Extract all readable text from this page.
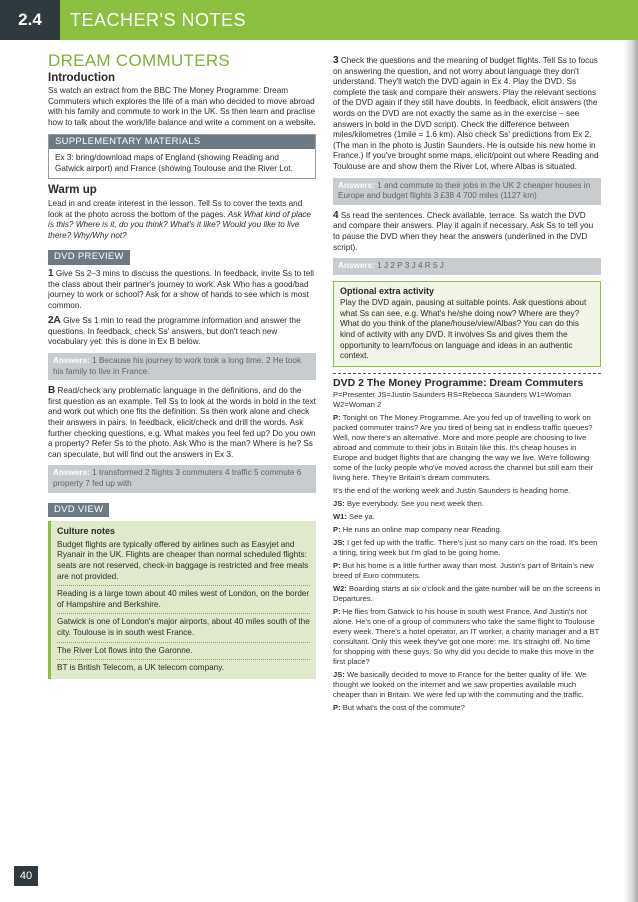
2.4	TEACHER'S NOTES
DREAM COMMUTERS
Introduction

Ss watch an extract from the BBC The Money Programme: Dream Commuters which explores the life of a man who decided to move abroad with his family and commute to work in the UK. Ss then learn and practise how to talk about the work/life balance and write a comment on a website.

SUPPLEMENTARY MATERIALS
Ex 3: bring/download maps of England (showing Reading and Gatwick airport) and France (showing Toulouse and the River Lot.
Warm up

Lead in and create interest in the lesson. Tell Ss to cover the texts and look at the photo across the bottom of the pages. Ask What kind of place is this? Where is it, do you think? What's it like? Would you like to live there? Why/Why not?

DVD PREVIEW

1 Give Ss 2–3 mins to discuss the questions. In feedback, invite Ss to tell the class about their partner's journey to work. Ask Who has a good/bad journey to work or school? Ask for a show of hands to see which is most common.

2A Give Ss 1 min to read the programme information and answer the questions. In feedback, check Ss' answers, but don't teach new vocabulary yet: this is done in Ex B below.

Answers: 1 Because his journey to work took a long time. 2 He took his family to live in France.

B Read/check any problematic language in the definitions, and do the first question as an example. Tell Ss to look at the words in bold in the text and work out which one fits the definition. Ss then work alone and check their answers in pairs. In feedback, elicit/check and drill the words. Ask further checking questions, e.g. What makes you feel fed up? Do you own a property? Refer Ss to the photo. Ask Who is the man? Where is he? Ss can speculate, but will find out the answers in Ex 3.

Answers: 1 transformed 2 flights 3 commuters 4 traffic 5 commute 6 property 7 fed up with
DVD VIEW
Culture notes
Budget flights are typically offered by airlines such as Easyjet and Ryanair in the UK. Flights are cheaper than normal scheduled flights: seats are not reserved, check-in baggage is restricted and free meals are not provided.
Reading is a large town about 40 miles west of London, on the border of Hampshire and Berkshire.
Gatwick is one of London's major airports, about 40 miles south of the city. Toulouse is in south west France.
The River Lot flows into the Garonne.
BT is British Telecom, a UK telecom company.

3 Check the questions and the meaning of budget flights. Tell Ss to focus on answering the question, and not worry about language they don't understand. They'll watch the DVD again in Ex 4. Play the DVD. Ss complete the task and compare their answers. Play the relevant sections of the DVD again if they still have doubts. In feedback, elicit answers (the words on the DVD are not exactly the same as in the exercise – see answers in bold in the DVD script). Check the difference between miles/kilometres (1mile = 1.6 km). Also check Ss' predictions from Ex 2. (The man in the photo is Justin Saunders. He is outside his new home in France.) If you've brought some maps, elicit/point out where Reading and Toulouse are and show them the River Lot, where Albas is situated.

Answers: 1 and commute to their jobs in the UK 2 cheaper houses in Europe and budget flights 3 £38 4 700 miles (1127 km)

4 Ss read the sentences. Check available, terrace. Ss watch the DVD and compare their answers. Play it again if necessary. Ask Ss to tell you to pause the DVD when they hear the answers (underlined in the DVD script).

Answers: 1 J 2 P 3 J 4 R 5 J
Optional extra activity
Play the DVD again, pausing at suitable points. Ask questions about what Ss can see, e.g. What's he/she doing now? Where are they? What do you think of the plane/house/view/Albas? You can do this kind of activity with any DVD. It involves Ss and gives them the opportunity to learn/focus on language and ideas in an authentic context.
DVD 2 The Money Programme: Dream Commuters

P=Presenter JS=Justin Saunders RS=Rebecca Saunders W1=Woman W2=Woman 2

P: Tonight on The Money Programme. Are you fed up of travelling to work on packed commuter trains? Are you tired of being sat in endless traffic queues? Well, now there's an alternative. More and more people are choosing to live abroad and commute to their jobs in Britain like this. It's cheap houses in Europe and budget flights that are changing the way we live. We're following some of the lucky people who've moved across the channel but still earn their living here. They're Britain's dream commuters.

It's the end of the working week and Justin Saunders is heading home.

JS: Bye everybody. See you next week then.

W1: See ya.

P: He runs an online map company near Reading.

JS: I get fed up with the traffic. There's just so many cars on the road. It's been a tiring, tiring week but I'm glad to be going home.

P: But his home is a little further away than most. Justin's part of Britain's new breed of Euro commuters.

W2: Boarding starts at six o'clock and the gate number will be on the screens in Departures.

P: He flies from Gatwick to his house in south west France. And Justin's not alone. He's one of a group of commuters who take the same flight to Toulouse every week. There's a hotel operator, an IT worker, a charity manager and a BT consultant. Only this week they've got one more: me. It's straight off. No time for shopping with these guys. So why did you decide to make this move in the first place?

JS: We basically decided to move to France for the better quality of life. We thought we looked on the internet and we saw properties available much cheaper than in Britain. We were fed up with the commuting and the traffic.

P: But what's the cost of the commute?

40
